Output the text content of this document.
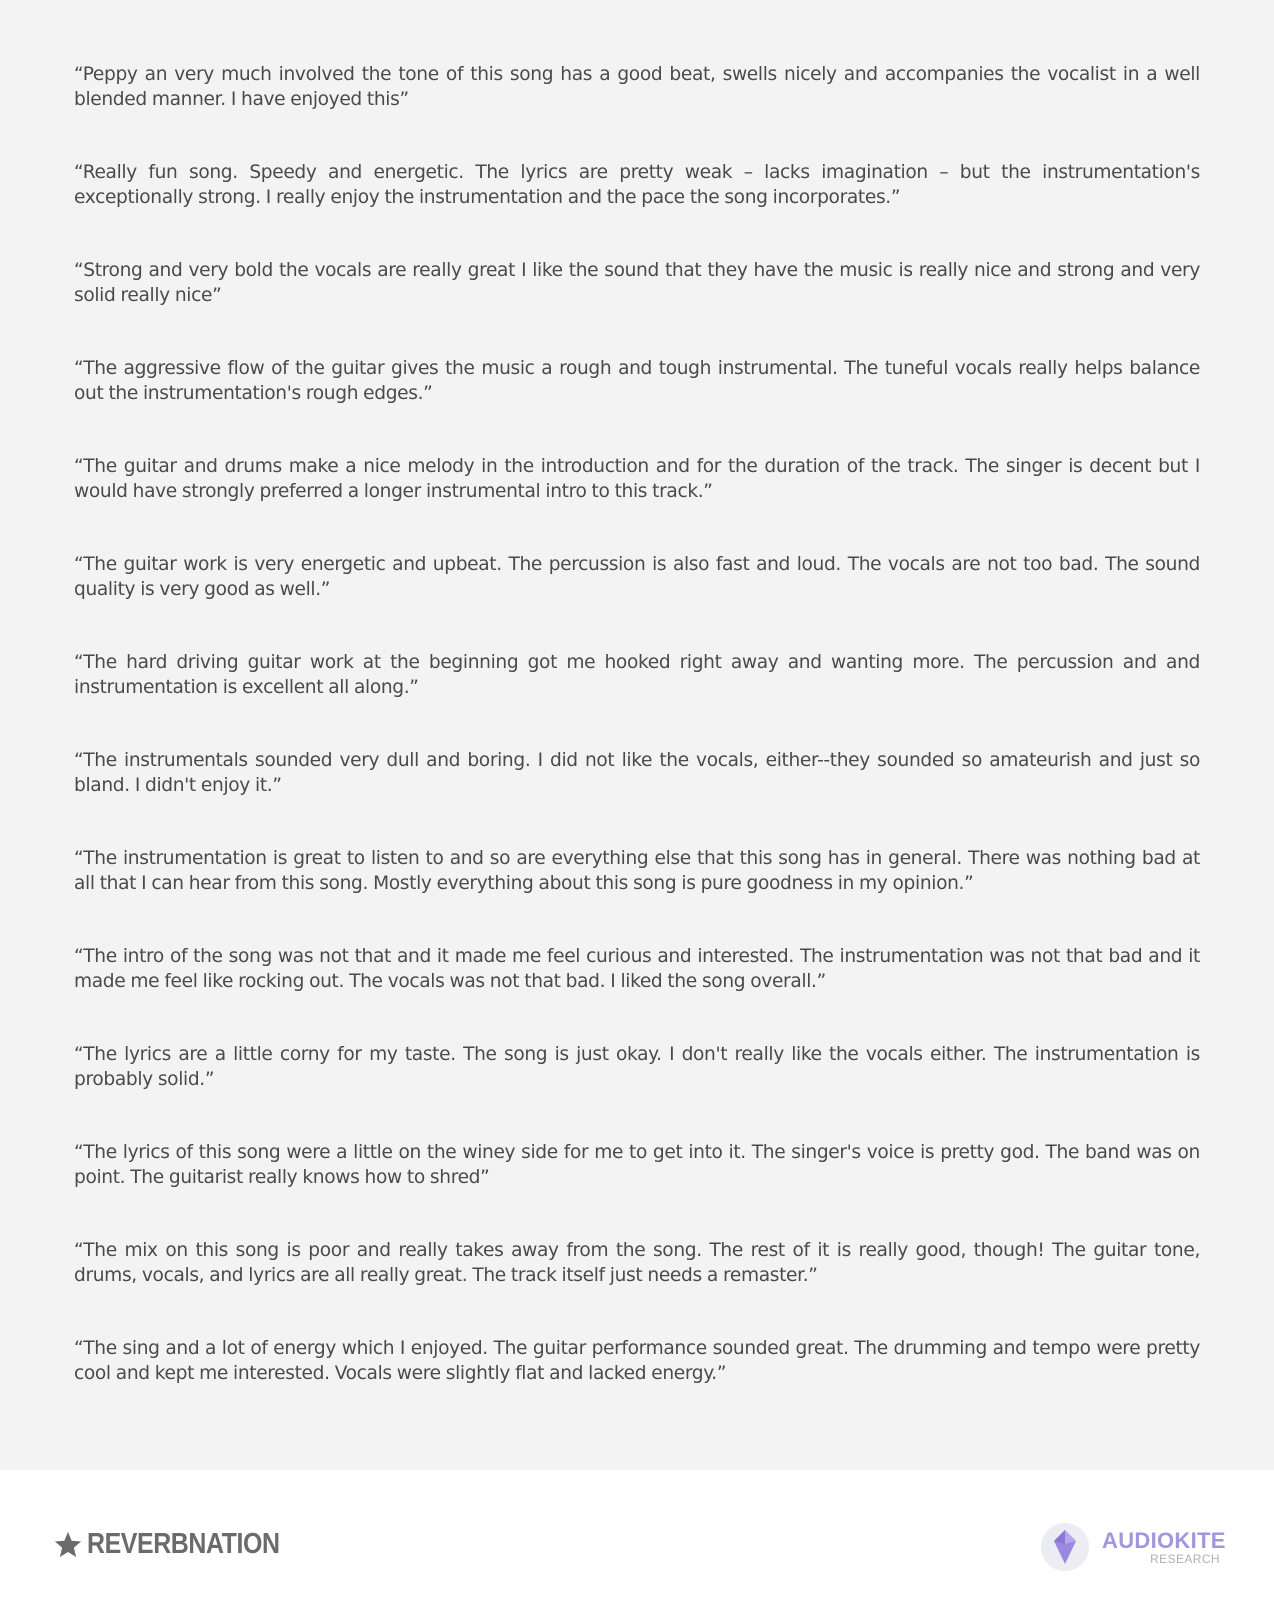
“Peppy an very much involved the tone of this song has a good beat, swells nicely and accompanies the vocalist in a well blended manner. I have enjoyed this”
“Really fun song. Speedy and energetic. The lyrics are pretty weak – lacks imagination – but the instrumentation's exceptionally strong. I really enjoy the instrumentation and the pace the song incorporates.”
“Strong and very bold the vocals are really great I like the sound that they have the music is really nice and strong and very solid really nice”
“The aggressive flow of the guitar gives the music a rough and tough instrumental. The tuneful vocals really helps balance out the instrumentation's rough edges.”
“The guitar and drums make a nice melody in the introduction and for the duration of the track. The singer is decent but I would have strongly preferred a longer instrumental intro to this track.”
“The guitar work is very energetic and upbeat. The percussion is also fast and loud. The vocals are not too bad. The sound quality is very good as well.”
“The hard driving guitar work at the beginning got me hooked right away and wanting more. The percussion and and instrumentation is excellent all along.”
“The instrumentals sounded very dull and boring. I did not like the vocals, either--they sounded so amateurish and just so bland. I didn't enjoy it.”
“The instrumentation is great to listen to and so are everything else that this song has in general. There was nothing bad at all that I can hear from this song. Mostly everything about this song is pure goodness in my opinion.”
“The intro of the song was not that and it made me feel curious and interested. The instrumentation was not that bad and it made me feel like rocking out. The vocals was not that bad. I liked the song overall.”
“The lyrics are a little corny for my taste. The song is just okay. I don't really like the vocals either. The instrumentation is probably solid.”
“The lyrics of this song were a little on the winey side for me to get into it. The singer's voice is pretty god. The band was on point. The guitarist really knows how to shred”
“The mix on this song is poor and really takes away from the song. The rest of it is really good, though! The guitar tone, drums, vocals, and lyrics are all really great. The track itself just needs a remaster.”
“The sing and a lot of energy which I enjoyed. The guitar performance sounded great. The drumming and tempo were pretty cool and kept me interested. Vocals were slightly flat and lacked energy.”
REVERBNATION	AUDIOKITE
RESEARCH
